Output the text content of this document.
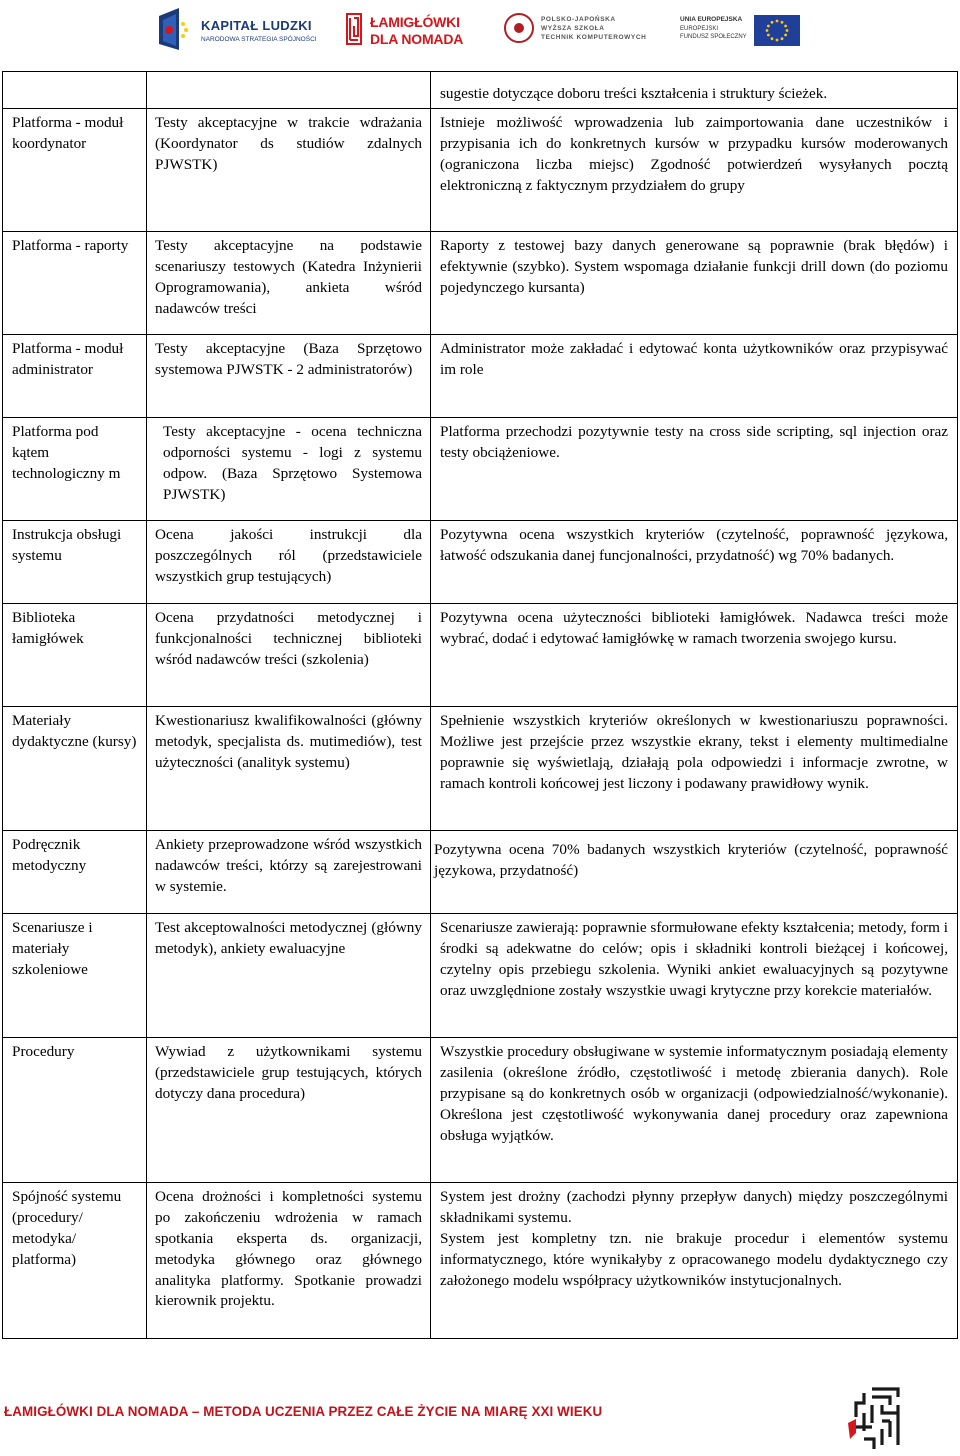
KAPITAŁ LUDZKI
NARODOWA STRATEGIA SPÓJNOŚCI
ŁAMIGŁÓWKI
DLA NOMADA
POLSKO-JAPOŃSKA
WYŻSZA SZKOŁA
TECHNIK KOMPUTEROWYCH
UNIA EUROPEJSKA
EUROPEJSKI
FUNDUSZ SPOŁECZNY
		sugestie dotyczące doboru treści kształcenia i struktury ścieżek.
Platforma - moduł koordynator	Testy akceptacyjne w trakcie wdrażania (Koordynator ds studiów zdalnych PJWSTK)	Istnieje możliwość wprowadzenia lub zaimportowania dane uczestników i przypisania ich do konkretnych kursów w przypadku kursów moderowanych (ograniczona liczba miejsc) Zgodność potwierdzeń wysyłanych pocztą elektroniczną z faktycznym przydziałem do grupy
Platforma - raporty	Testy akceptacyjne na podstawie scenariuszy testowych (Katedra Inżynierii Oprogramowania), ankieta wśród nadawców treści	Raporty z testowej bazy danych generowane są poprawnie (brak błędów) i efektywnie (szybko). System wspomaga działanie funkcji drill down (do poziomu pojedynczego kursanta)
Platforma - moduł administrator	Testy akceptacyjne (Baza Sprzętowo systemowa PJWSTK - 2 administratorów)	Administrator może zakładać i edytować konta użytkowników oraz przypisywać im role
Platforma pod kątem technologiczny m	Testy akceptacyjne - ocena techniczna odporności systemu - logi z systemu odpow. (Baza Sprzętowo Systemowa PJWSTK)	Platforma przechodzi pozytywnie testy na cross side scripting, sql injection oraz testy obciążeniowe.
Instrukcja obsługi systemu	Ocena jakości instrukcji dla poszczególnych ról (przedstawiciele wszystkich grup testujących)	Pozytywna ocena wszystkich kryteriów (czytelność, poprawność językowa, łatwość odszukania danej funcjonalności, przydatność) wg 70% badanych.
Biblioteka łamigłówek	Ocena przydatności metodycznej i funkcjonalności technicznej biblioteki wśród nadawców treści (szkolenia)	Pozytywna ocena użyteczności biblioteki łamigłówek. Nadawca treści może wybrać, dodać i edytować łamigłówkę w ramach tworzenia swojego kursu.
Materiały dydaktyczne (kursy)	Kwestionariusz kwalifikowalności (główny metodyk, specjalista ds. mutimediów), test użyteczności (analityk systemu)	Spełnienie wszystkich kryteriów określonych w kwestionariuszu poprawności. Możliwe jest przejście przez wszystkie ekrany, tekst i elementy multimedialne poprawnie się wyświetlają, działają pola odpowiedzi i informacje zwrotne, w ramach kontroli końcowej jest liczony i podawany prawidłowy wynik.
Podręcznik metodyczny	Ankiety przeprowadzone wśród wszystkich nadawców treści, którzy są zarejestrowani w systemie.	Pozytywna ocena 70% badanych wszystkich kryteriów (czytelność, poprawność językowa, przydatność)
Scenariusze i materiały szkoleniowe	Test akceptowalności metodycznej (główny metodyk), ankiety ewaluacyjne	Scenariusze zawierają: poprawnie sformułowane efekty kształcenia; metody, form i środki są adekwatne do celów; opis i składniki kontroli bieżącej i końcowej, czytelny opis przebiegu szkolenia. Wyniki ankiet ewaluacyjnych są pozytywne oraz uwzględnione zostały wszystkie uwagi krytyczne przy korekcie materiałów.
Procedury	Wywiad z użytkownikami systemu (przedstawiciele grup testujących, których dotyczy dana procedura)	Wszystkie procedury obsługiwane w systemie informatycznym posiadają elementy zasilenia (określone źródło, częstotliwość i metodę zbierania danych). Role przypisane są do konkretnych osób w organizacji (odpowiedzialność/wykonanie). Określona jest częstotliwość wykonywania danej procedury oraz zapewniona obsługa wyjątków.
Spójność systemu (procedury/ metodyka/ platforma)	Ocena drożności i kompletności systemu po zakończeniu wdrożenia w ramach spotkania eksperta ds. organizacji, metodyka głównego oraz głównego analityka platformy. Spotkanie prowadzi kierownik projektu.	System jest drożny (zachodzi płynny przepływ danych) między poszczególnymi składnikami systemu.
System jest kompletny tzn. nie brakuje procedur i elementów systemu informatycznego, które wynikałyby z opracowanego modelu dydaktycznego czy założonego modelu współpracy użytkowników instytucjonalnych.
ŁAMIGŁÓWKI DLA NOMADA – METODA UCZENIA PRZEZ CAŁE ŻYCIE NA MIARĘ XXI WIEKU
